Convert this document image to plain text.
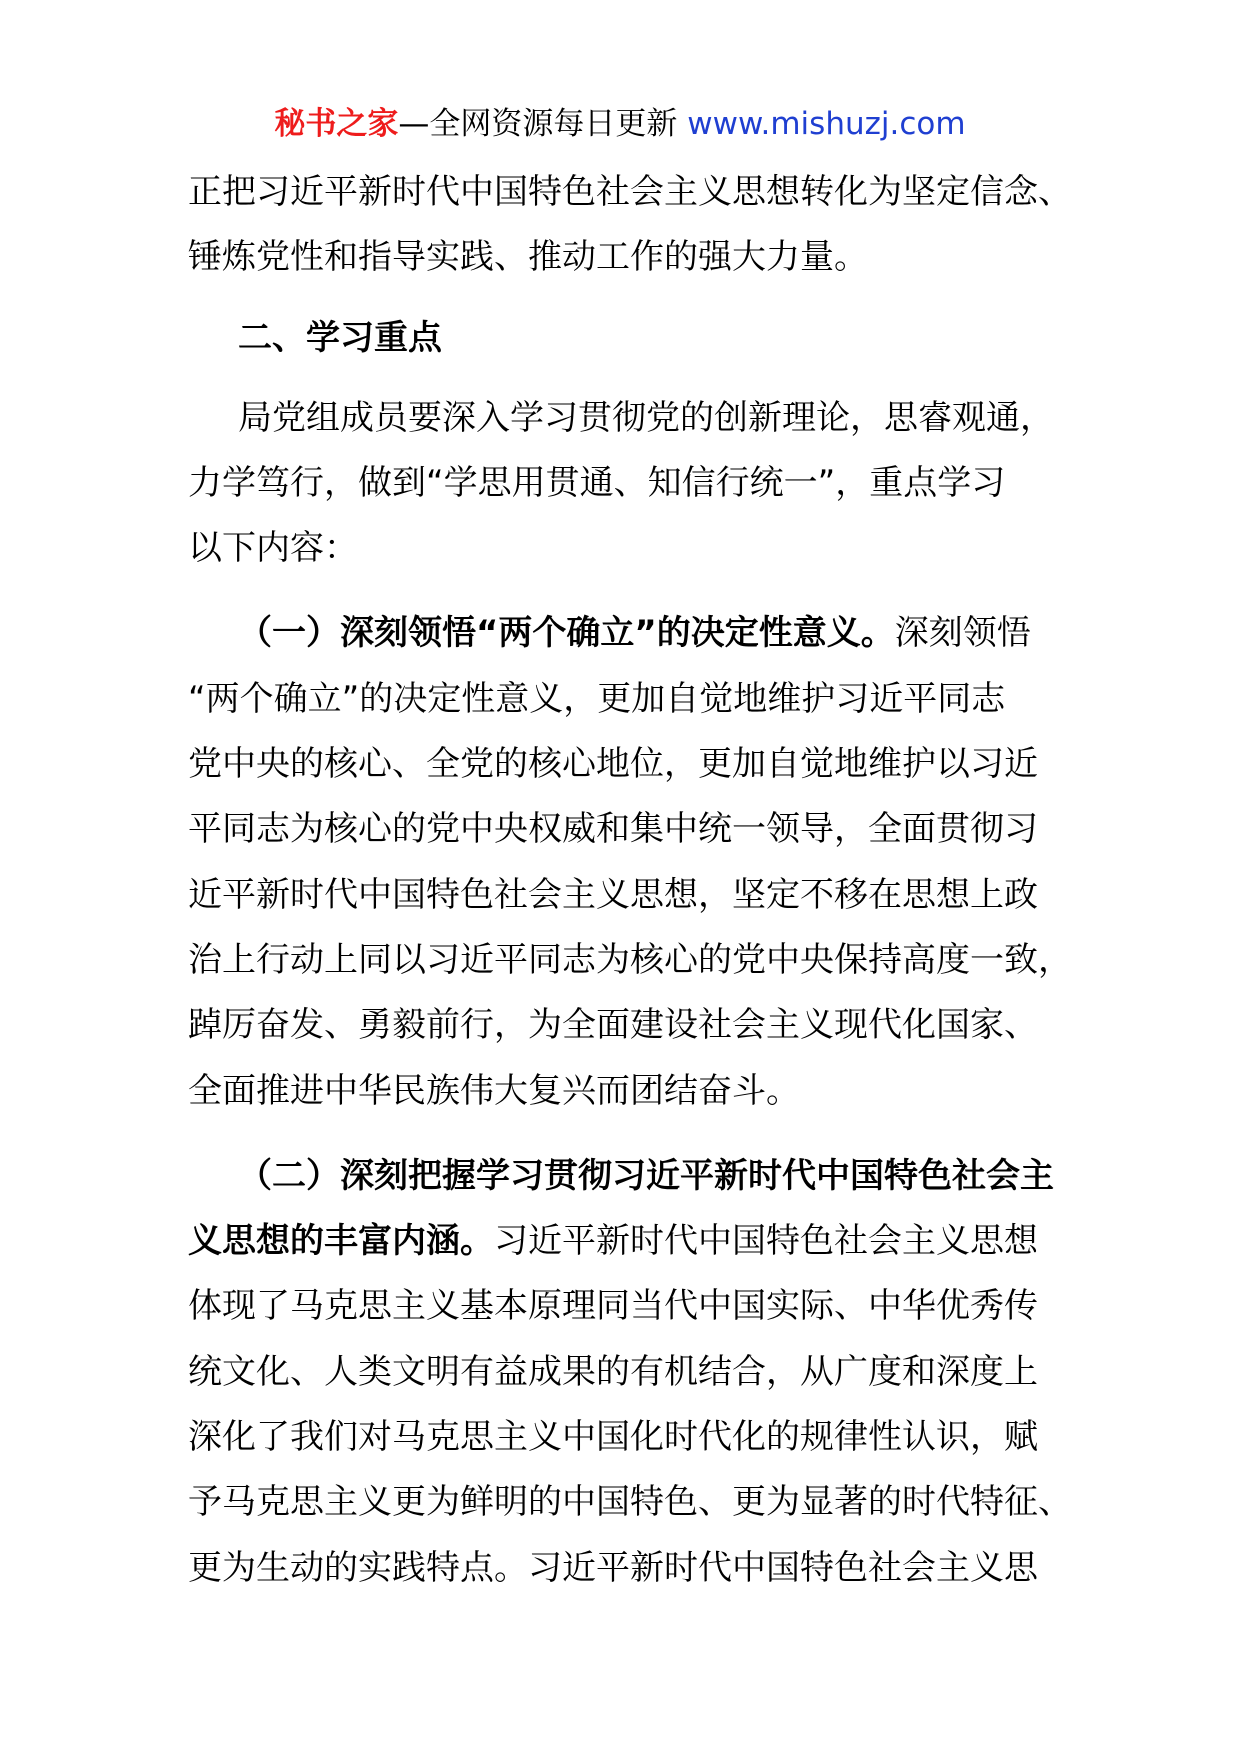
秘书之家—全网资源每日更新 www.mishuzj.com
正把习近平新时代中国特色社会主义思想转化为坚定信念、
锤炼党性和指导实践、推动工作的强大力量。
二、学习重点
局党组成员要深入学习贯彻党的创新理论，思睿观通，
力学笃行，做到“学思用贯通、知信行统一”，重点学习
以下内容：
（一）深刻领悟“两个确立”的决定性意义。深刻领悟
“两个确立”的决定性意义，更加自觉地维护习近平同志
党中央的核心、全党的核心地位，更加自觉地维护以习近
平同志为核心的党中央权威和集中统一领导，全面贯彻习
近平新时代中国特色社会主义思想，坚定不移在思想上政
治上行动上同以习近平同志为核心的党中央保持高度一致，
踔厉奋发、勇毅前行，为全面建设社会主义现代化国家、
全面推进中华民族伟大复兴而团结奋斗。
（二）深刻把握学习贯彻习近平新时代中国特色社会主
义思想的丰富内涵。习近平新时代中国特色社会主义思想
体现了马克思主义基本原理同当代中国实际、中华优秀传
统文化、人类文明有益成果的有机结合，从广度和深度上
深化了我们对马克思主义中国化时代化的规律性认识，赋
予马克思主义更为鲜明的中国特色、更为显著的时代特征、
更为生动的实践特点。习近平新时代中国特色社会主义思
